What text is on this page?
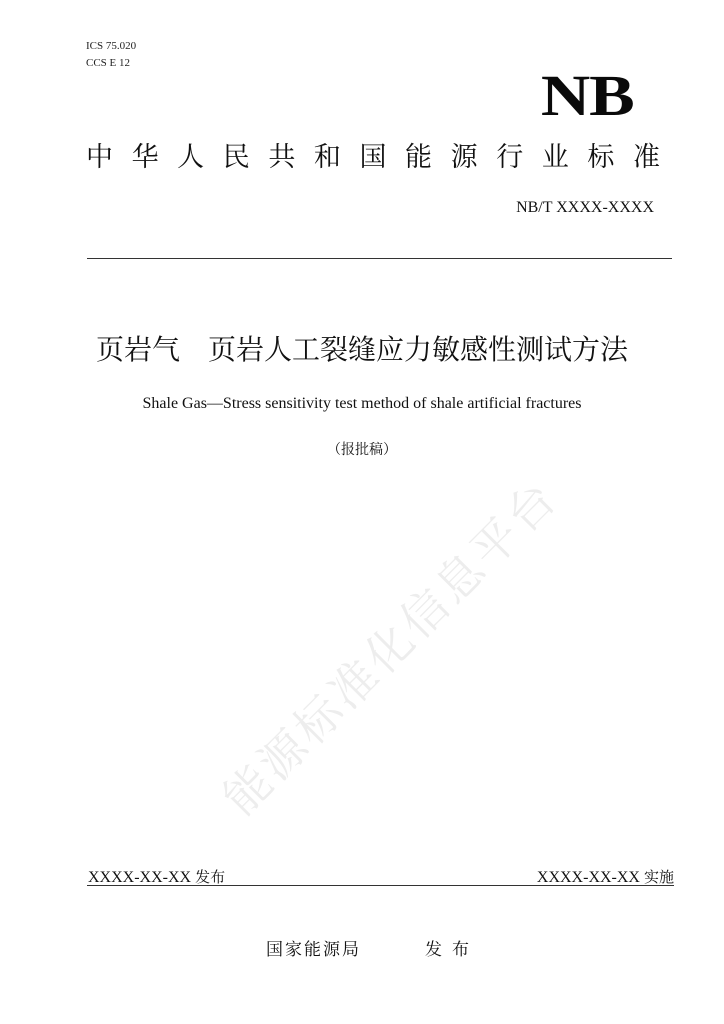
ICS 75.020
CCS E 12	NB
中 华 人 民 共 和 国 能 源 行 业 标 准
NB/T XXXX-XXXX
页岩气　页岩人工裂缝应力敏感性测试方法
Shale Gas—Stress sensitivity test method of shale artificial fractures
（报批稿）
能源标准化信息平台
XXXX-XX-XX 发布	XXXX-XX-XX 实施
国家能源局	发布
